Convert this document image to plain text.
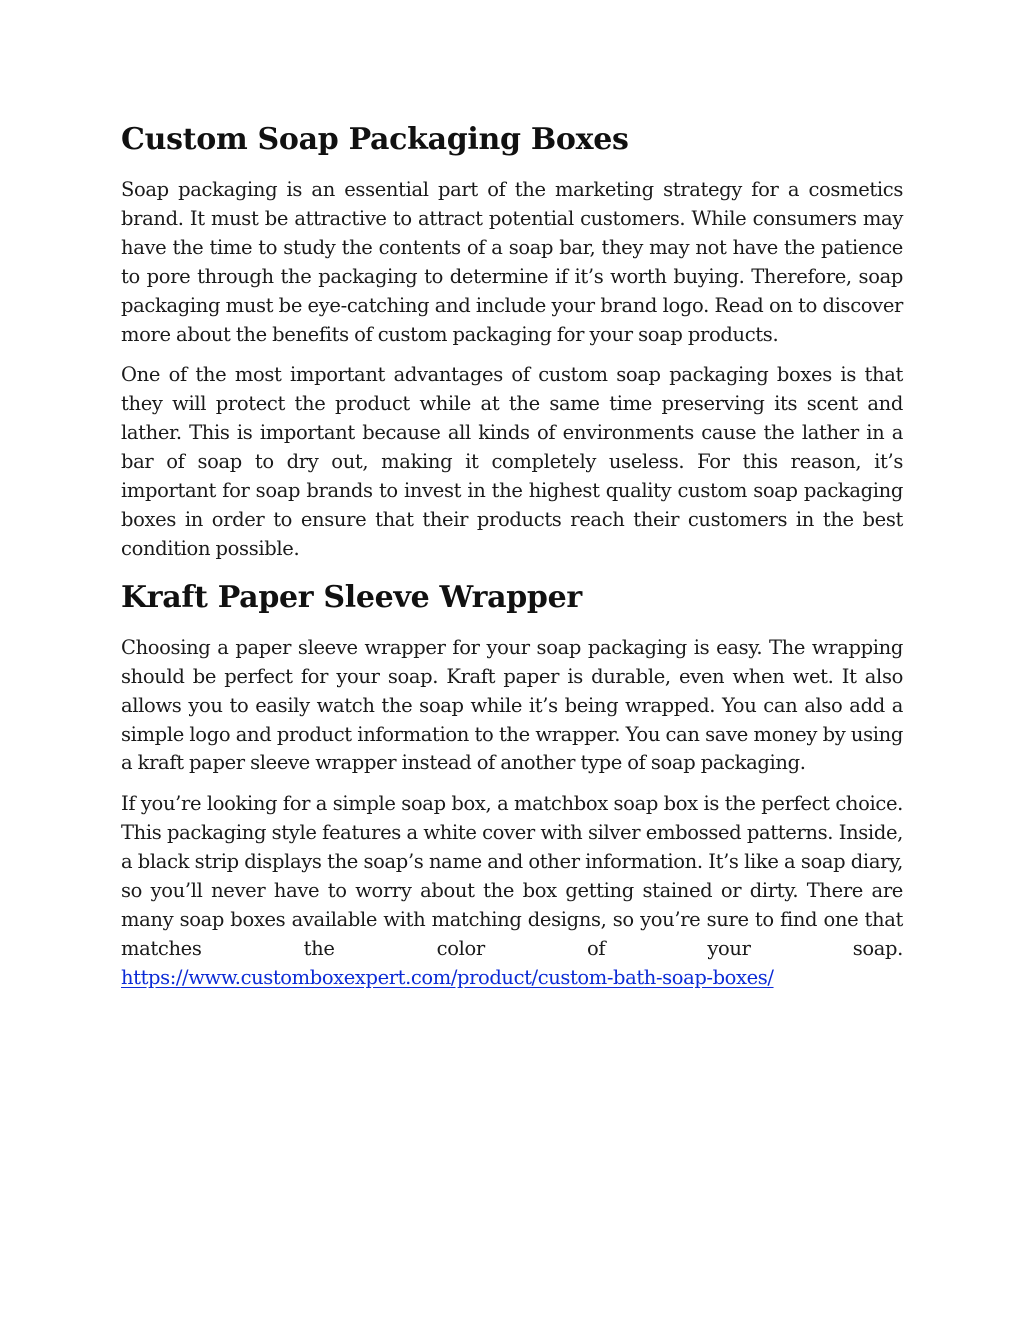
Custom Soap Packaging Boxes

Soap packaging is an essential part of the marketing strategy for a cosmetics brand. It must be attractive to attract potential customers. While consumers may have the time to study the contents of a soap bar, they may not have the patience to pore through the packaging to determine if it’s worth buying. Therefore, soap packaging must be eye-catching and include your brand logo. Read on to discover more about the benefits of custom packaging for your soap products.

One of the most important advantages of custom soap packaging boxes is that they will protect the product while at the same time preserving its scent and lather. This is important because all kinds of environments cause the lather in a bar of soap to dry out, making it completely useless. For this reason, it’s important for soap brands to invest in the highest quality custom soap packaging boxes in order to ensure that their products reach their customers in the best condition possible.

Kraft Paper Sleeve Wrapper

Choosing a paper sleeve wrapper for your soap packaging is easy. The wrapping should be perfect for your soap. Kraft paper is durable, even when wet. It also allows you to easily watch the soap while it’s being wrapped. You can also add a simple logo and product information to the wrapper. You can save money by using a kraft paper sleeve wrapper instead of another type of soap packaging.

If you’re looking for a simple soap box, a matchbox soap box is the perfect choice. This packaging style features a white cover with silver embossed patterns. Inside, a black strip displays the soap’s name and other information. It’s like a soap diary, so you’ll never have to worry about the box getting stained or dirty. There are many soap boxes available with matching designs, so you’re sure to find one that matches the color of your soap. https://www.customboxexpert.com/product/custom-bath-soap-boxes/
